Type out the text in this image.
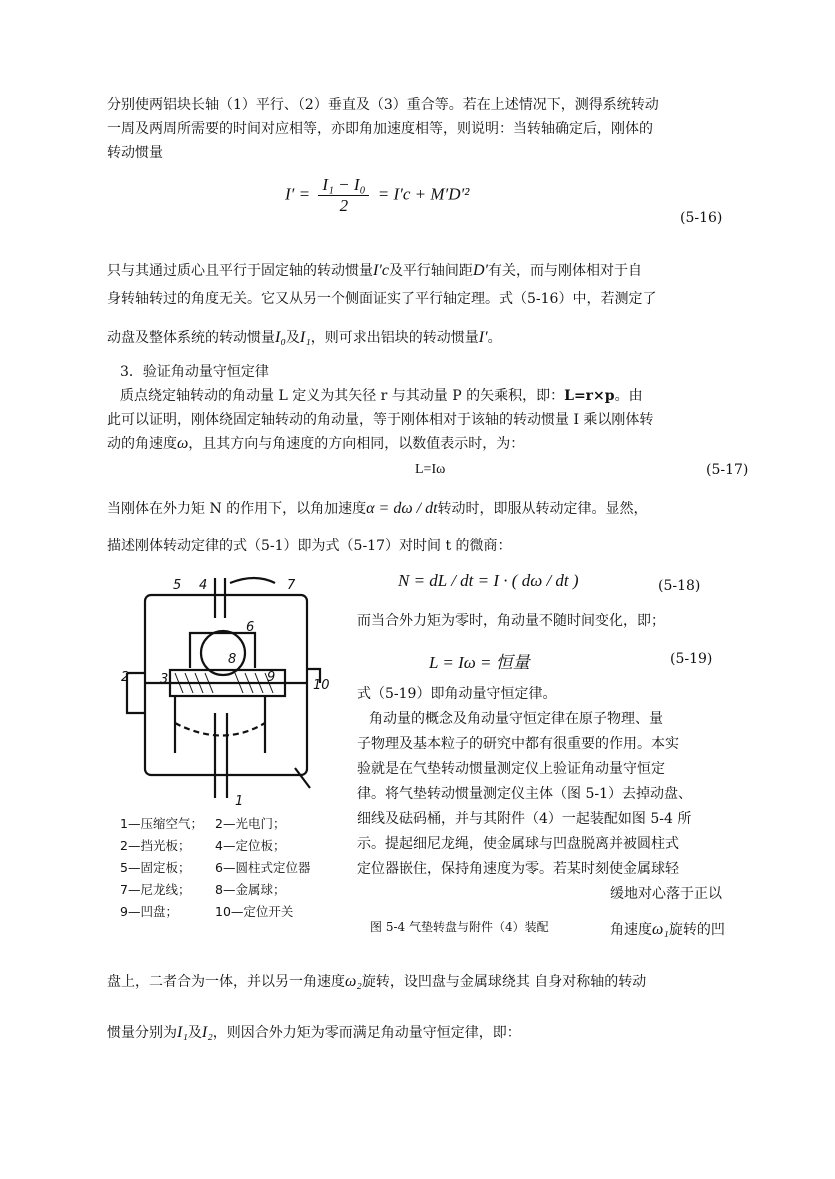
分别使两铝块长轴（1）平行、（2）垂直及（3）重合等。若在上述情况下，测得系统转动
一周及两周所需要的时间对应相等，亦即角加速度相等，则说明：当转轴确定后，刚体的
转动惯量
$I' = \frac{\text{I₁ − I₀}}{2} = I'c + M'D'^2$
(5-16)
只与其通过质心且平行于固定轴的转动惯量I′c及平行轴间距D′有关，而与刚体相对于自
身转轴转过的角度无关。它又从另一个侧面证实了平行轴定理。式（5-16）中，若测定了
动盘及整体系统的转动惯量I₀及I₁，则可求出铝块的转动惯量I′。
3．验证角动量守恒定律
质点绕定轴转动的角动量 L 定义为其矢径 r 与其动量 P 的矢乘积，即：L=r×p。由
此可以证明，刚体绕固定轴转动的角动量，等于刚体相对于该轴的转动惯量 I 乘以刚体转
动的角速度ω，且其方向与角速度的方向相同，以数值表示时，为：
L=Iω	(5-17)
当刚体在外力矩 N 的作用下，以角加速度α = dω / dt转动时，即服从转动定律。显然，
描述刚体转动定律的式（5-1）即为式（5-17）对时间 t 的微商：
5 4	7
6
3
8
9
2
10
1
1—压缩空气； 2—光电门；
2—挡光板； 4—定位板；
5—固定板； 6—圆柱式定位器
7—尼龙线； 8—金属球；
9—凹盘；	10—定位开关
N = dL / dt = I · ( dω / dt )	(5-18)
而当合外力矩为零时，角动量不随时间变化，即；
L = Iω = 恒量	(5-19)
式（5-19）即角动量守恒定律。
角动量的概念及角动量守恒定律在原子物理、量
子物理及基本粒子的研究中都有很重要的作用。本实
验就是在气垫转动惯量测定仪上验证角动量守恒定
律。将气垫转动惯量测定仪主体（图 5-1）去掉动盘、
细线及砝码桶，并与其附件（4）一起装配如图 5-4 所
示。提起细尼龙绳，使金属球与凹盘脱离并被圆柱式
定位器嵌住，保持角速度为零。若某时刻使金属球轻
缓地对心落于正以
图 5-4 气垫转盘与附件（4）装配	角速度ω₁旋转的凹
盘上，二者合为一体，并以另一角速度ω₂旋转，设凹盘与金属球绕其 自身对称轴的转动
惯量分别为I₁及I₂，则因合外力矩为零而满足角动量守恒定律，即：
